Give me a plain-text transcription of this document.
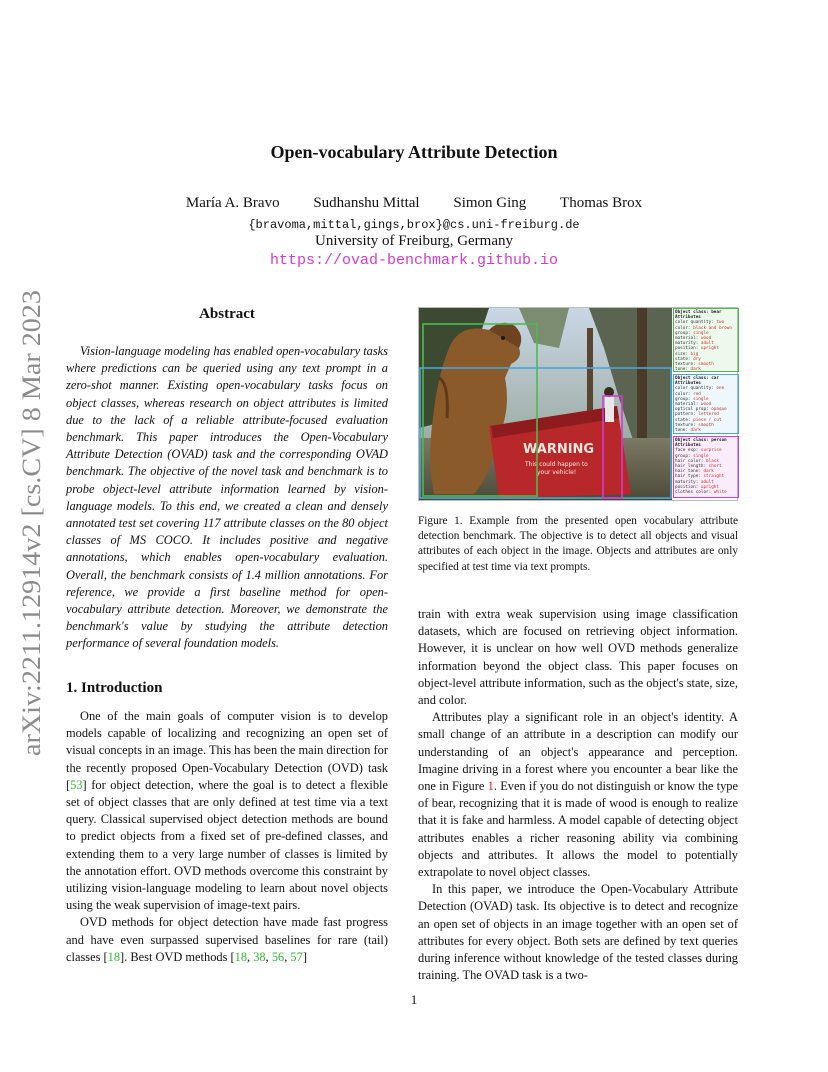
Open-vocabulary Attribute Detection
María A. Bravo Sudhanshu Mittal Simon Ging Thomas Brox
{bravoma,mittal,gings,brox}@cs.uni-freiburg.de
University of Freiburg, Germany
https://ovad-benchmark.github.io
arXiv:2211.12914v2 [cs.CV] 8 Mar 2023
Abstract
Vision-language modeling has enabled open-vocabulary tasks where predictions can be queried using any text prompt in a zero-shot manner. Existing open-vocabulary tasks focus on object classes, whereas research on object attributes is limited due to the lack of a reliable attribute-focused evaluation benchmark. This paper introduces the Open-Vocabulary Attribute Detection (OVAD) task and the corresponding OVAD benchmark. The objective of the novel task and benchmark is to probe object-level attribute information learned by vision-language models. To this end, we created a clean and densely annotated test set covering 117 attribute classes on the 80 object classes of MS COCO. It includes positive and negative annotations, which enables open-vocabulary evaluation. Overall, the benchmark consists of 1.4 million annotations. For reference, we provide a first baseline method for open-vocabulary attribute detection. Moreover, we demonstrate the benchmark's value by studying the attribute detection performance of several foundation models.
1. Introduction

One of the main goals of computer vision is to develop models capable of localizing and recognizing an open set of visual concepts in an image. This has been the main direction for the recently proposed Open-Vocabulary Detection (OVD) task [53] for object detection, where the goal is to detect a flexible set of object classes that are only defined at test time via a text query. Classical supervised object detection methods are bound to predict objects from a fixed set of pre-defined classes, and extending them to a very large number of classes is limited by the annotation effort. OVD methods overcome this constraint by utilizing vision-language modeling to learn about novel objects using the weak supervision of image-text pairs.

OVD methods for object detection have made fast progress and have even surpassed supervised baselines for rare (tail) classes [18]. Best OVD methods [18, 38, 56, 57]

WARNING
This could happen to
your vehicle!
Object class: bear
Attributes
color quantity: two
color: black and brown
group: single
material: wood
maturity: adult
position: upright
size: big
state: dry
texture: smooth
tone: dark
Object class: car
Attributes
color quantity: one
color: red
group: single
material: wood
optical prop: opaque
pattern: lettered
state: piece / cut
texture: smooth
tone: dark
Object class: person
Attributes
face exp: surprise
group: single
hair color: black
hair length: short
hair tone: dark
hair type: straight
maturity: adult
position: upright
clothes color: white
Figure 1. Example from the presented open vocabulary attribute detection benchmark. The objective is to detect all objects and visual attributes of each object in the image. Objects and attributes are only specified at test time via text prompts.

train with extra weak supervision using image classification datasets, which are focused on retrieving object information. However, it is unclear on how well OVD methods generalize information beyond the object class. This paper focuses on object-level attribute information, such as the object's state, size, and color.

Attributes play a significant role in an object's identity. A small change of an attribute in a description can modify our understanding of an object's appearance and perception. Imagine driving in a forest where you encounter a bear like the one in Figure 1. Even if you do not distinguish or know the type of bear, recognizing that it is made of wood is enough to realize that it is fake and harmless. A model capable of detecting object attributes enables a richer reasoning ability via combining objects and attributes. It allows the model to potentially extrapolate to novel object classes.

In this paper, we introduce the Open-Vocabulary Attribute Detection (OVAD) task. Its objective is to detect and recognize an open set of objects in an image together with an open set of attributes for every object. Both sets are defined by text queries during inference without knowledge of the tested classes during training. The OVAD task is a two-

1
